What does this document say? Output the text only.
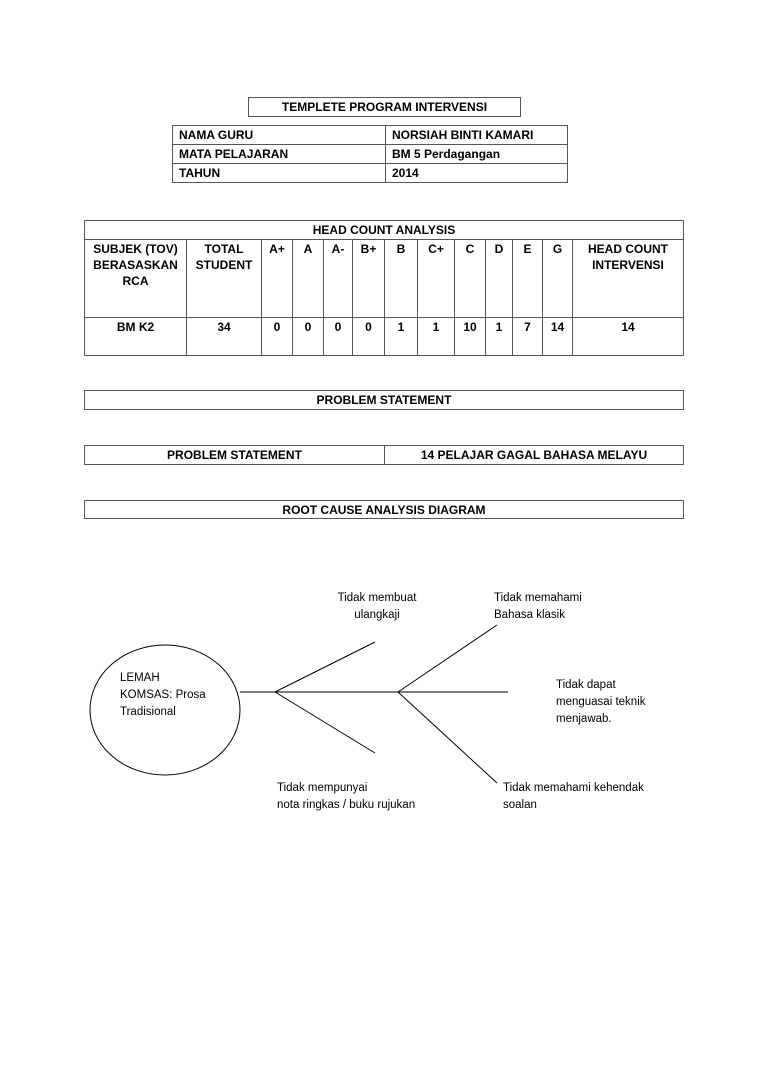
TEMPLETE PROGRAM INTERVENSI
NAMA GURU	NORSIAH BINTI KAMARI
MATA PELAJARAN	BM 5 Perdagangan
TAHUN	2014
HEAD COUNT ANALYSIS												
SUBJEK (TOV) BERASASKAN RCA	TOTAL STUDENT	A+	A	A-	B+	B	C+	C	D	E	G	HEAD COUNT INTERVENSI
BM K2	34	0	0	0	0	1	1	10	1	7	14	14
PROBLEM STATEMENT
PROBLEM STATEMENT	14 PELAJAR GAGAL BAHASA MELAYU
ROOT CAUSE ANALYSIS DIAGRAM
LEMAH
KOMSAS: Prosa
Tradisional
Tidak membuat
ulangkaji
Tidak memahami
Bahasa klasik
Tidak dapat
menguasai teknik
menjawab.
Tidak mempunyai
nota ringkas / buku rujukan
Tidak memahami kehendak
soalan
